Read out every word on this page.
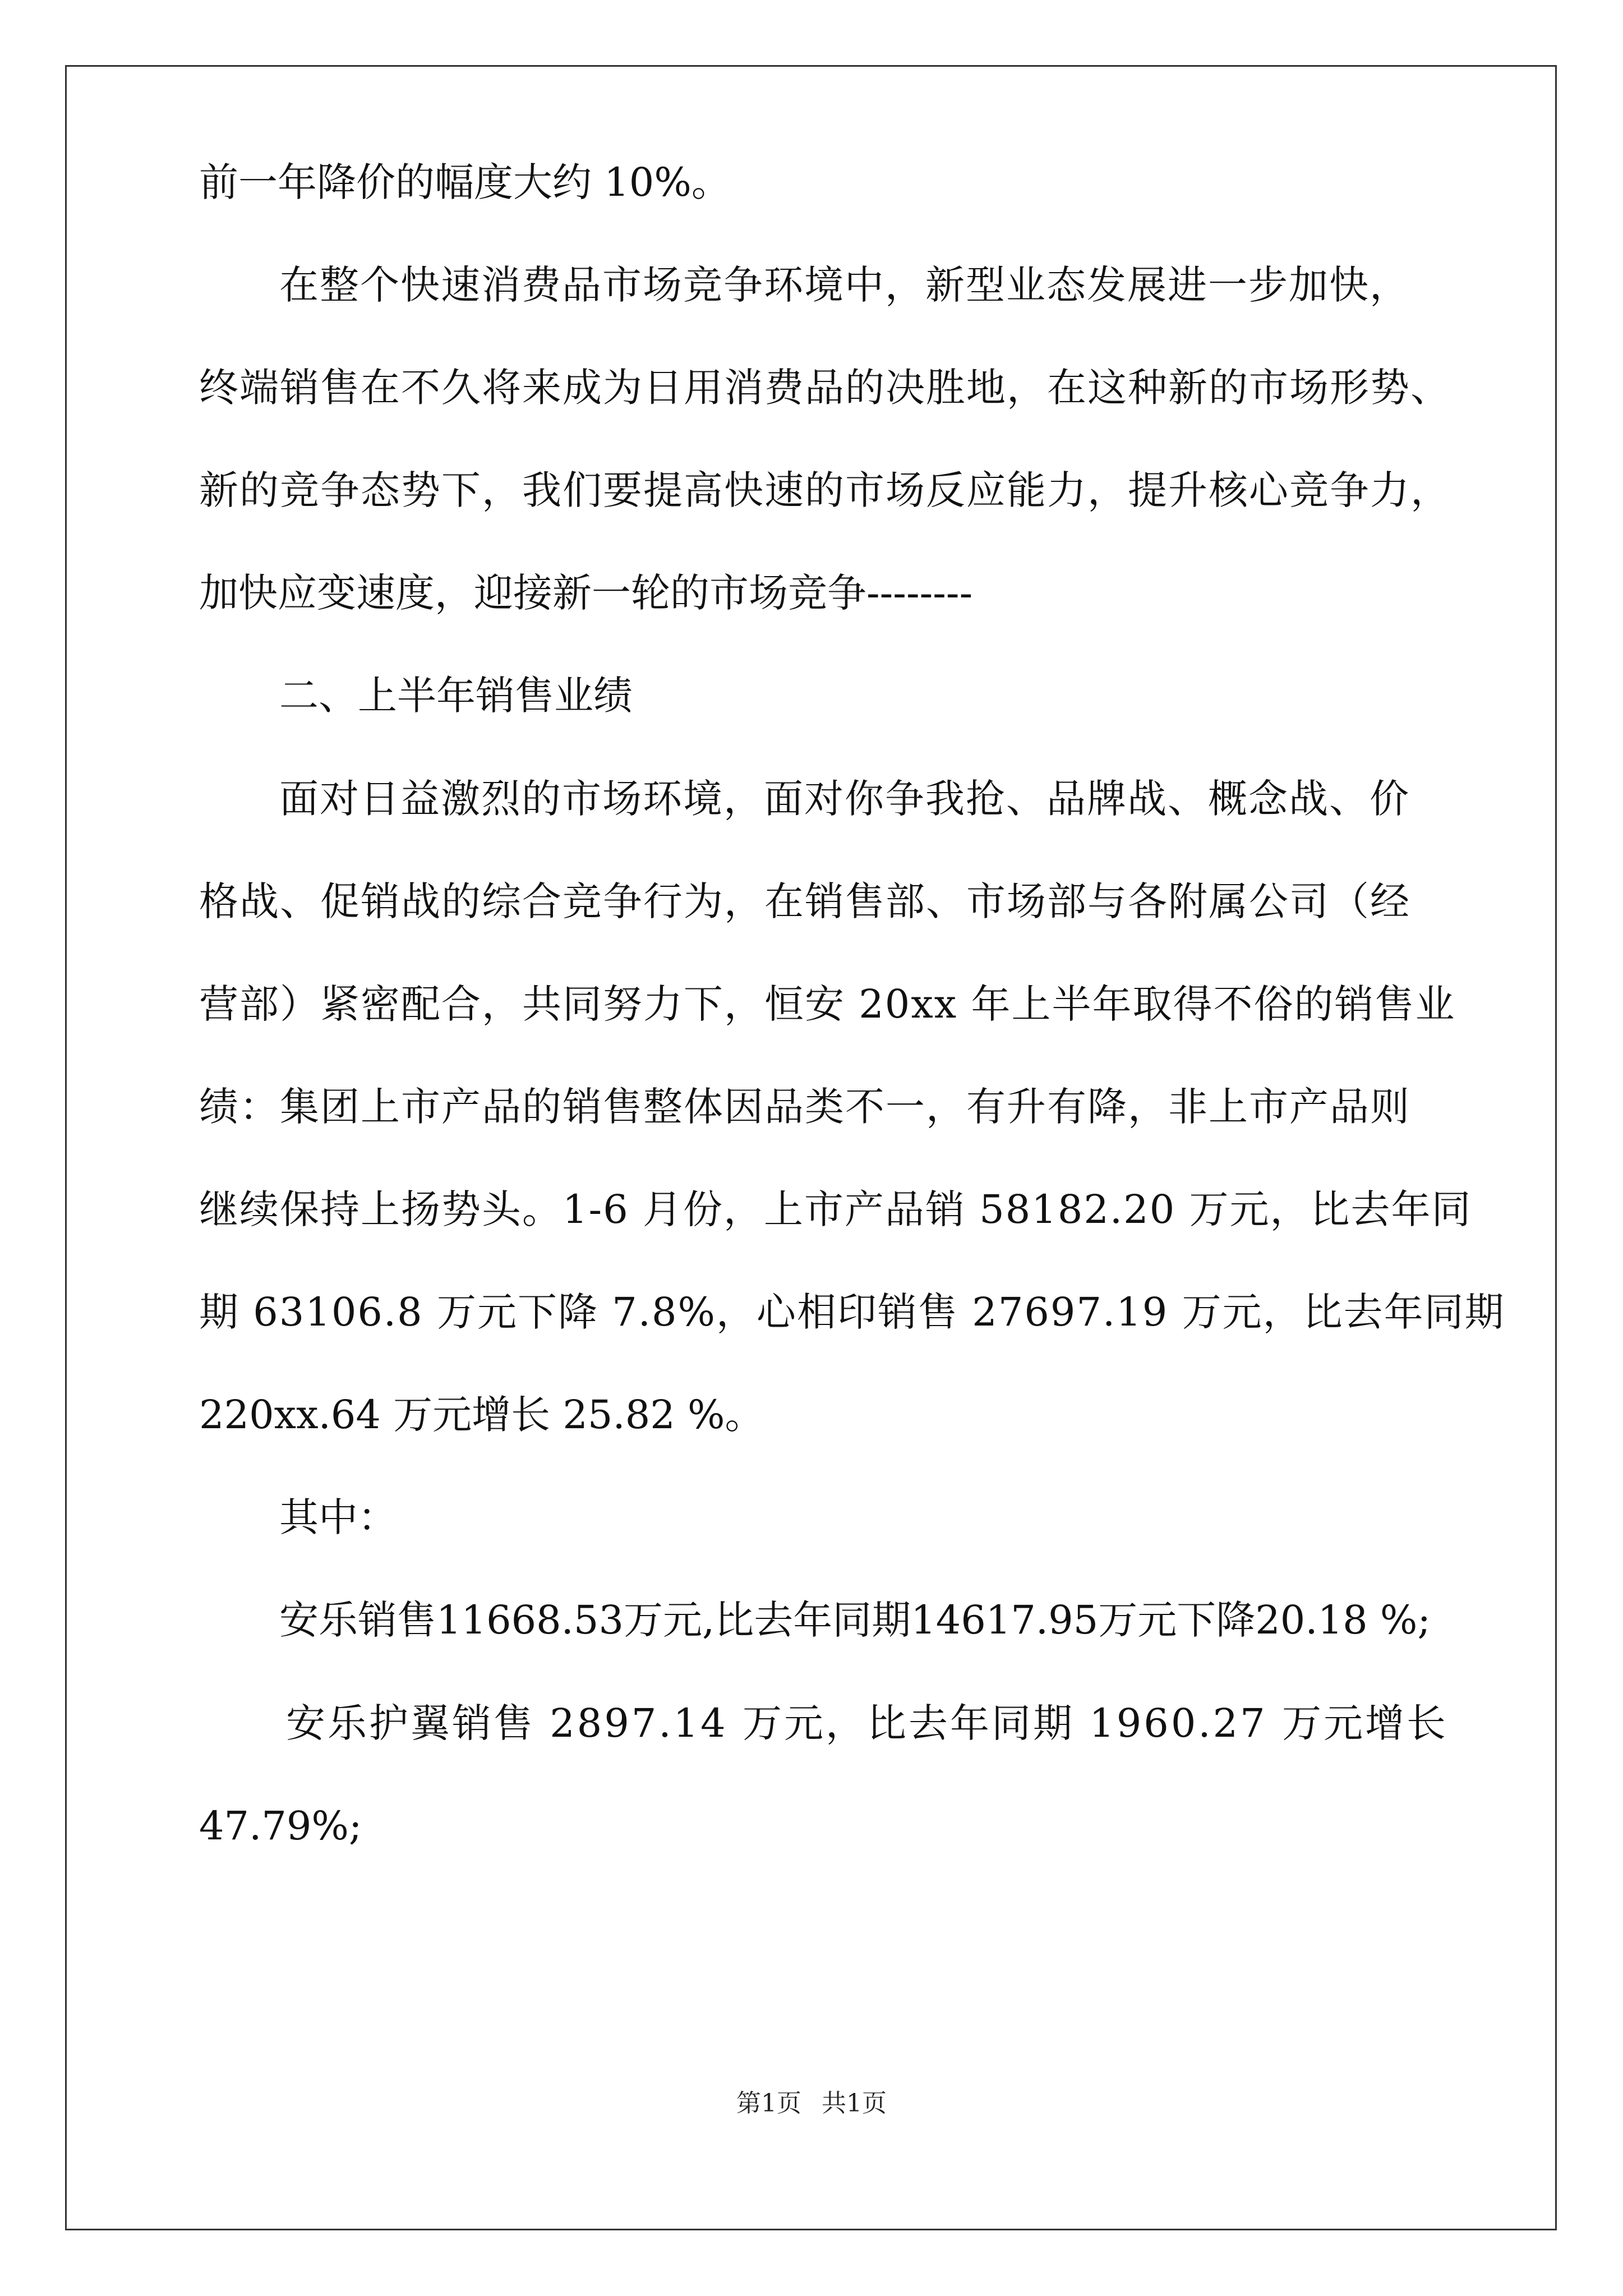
前一年降价的幅度大约 10%。
在整个快速消费品市场竞争环境中，新型业态发展进一步加快，
终端销售在不久将来成为日用消费品的决胜地，在这种新的市场形势、
新的竞争态势下，我们要提高快速的市场反应能力，提升核心竞争力，
加快应变速度，迎接新一轮的市场竞争--------
二、上半年销售业绩
面对日益激烈的市场环境，面对你争我抢、品牌战、概念战、价
格战、促销战的综合竞争行为，在销售部、市场部与各附属公司（经
营部）紧密配合，共同努力下，恒安 20xx 年上半年取得不俗的销售业
绩：集团上市产品的销售整体因品类不一，有升有降，非上市产品则
继续保持上扬势头。1-6 月份，上市产品销 58182.20 万元，比去年同
期 63106.8 万元下降 7.8%，心相印销售 27697.19 万元，比去年同期
220xx.64 万元增长 25.82 %。
其中：
安乐销售11668.53万元,比去年同期14617.95万元下降20.18 %;
安乐护翼销售 2897.14 万元，比去年同期 1960.27 万元增长
47.79%;
第1页 共1页
